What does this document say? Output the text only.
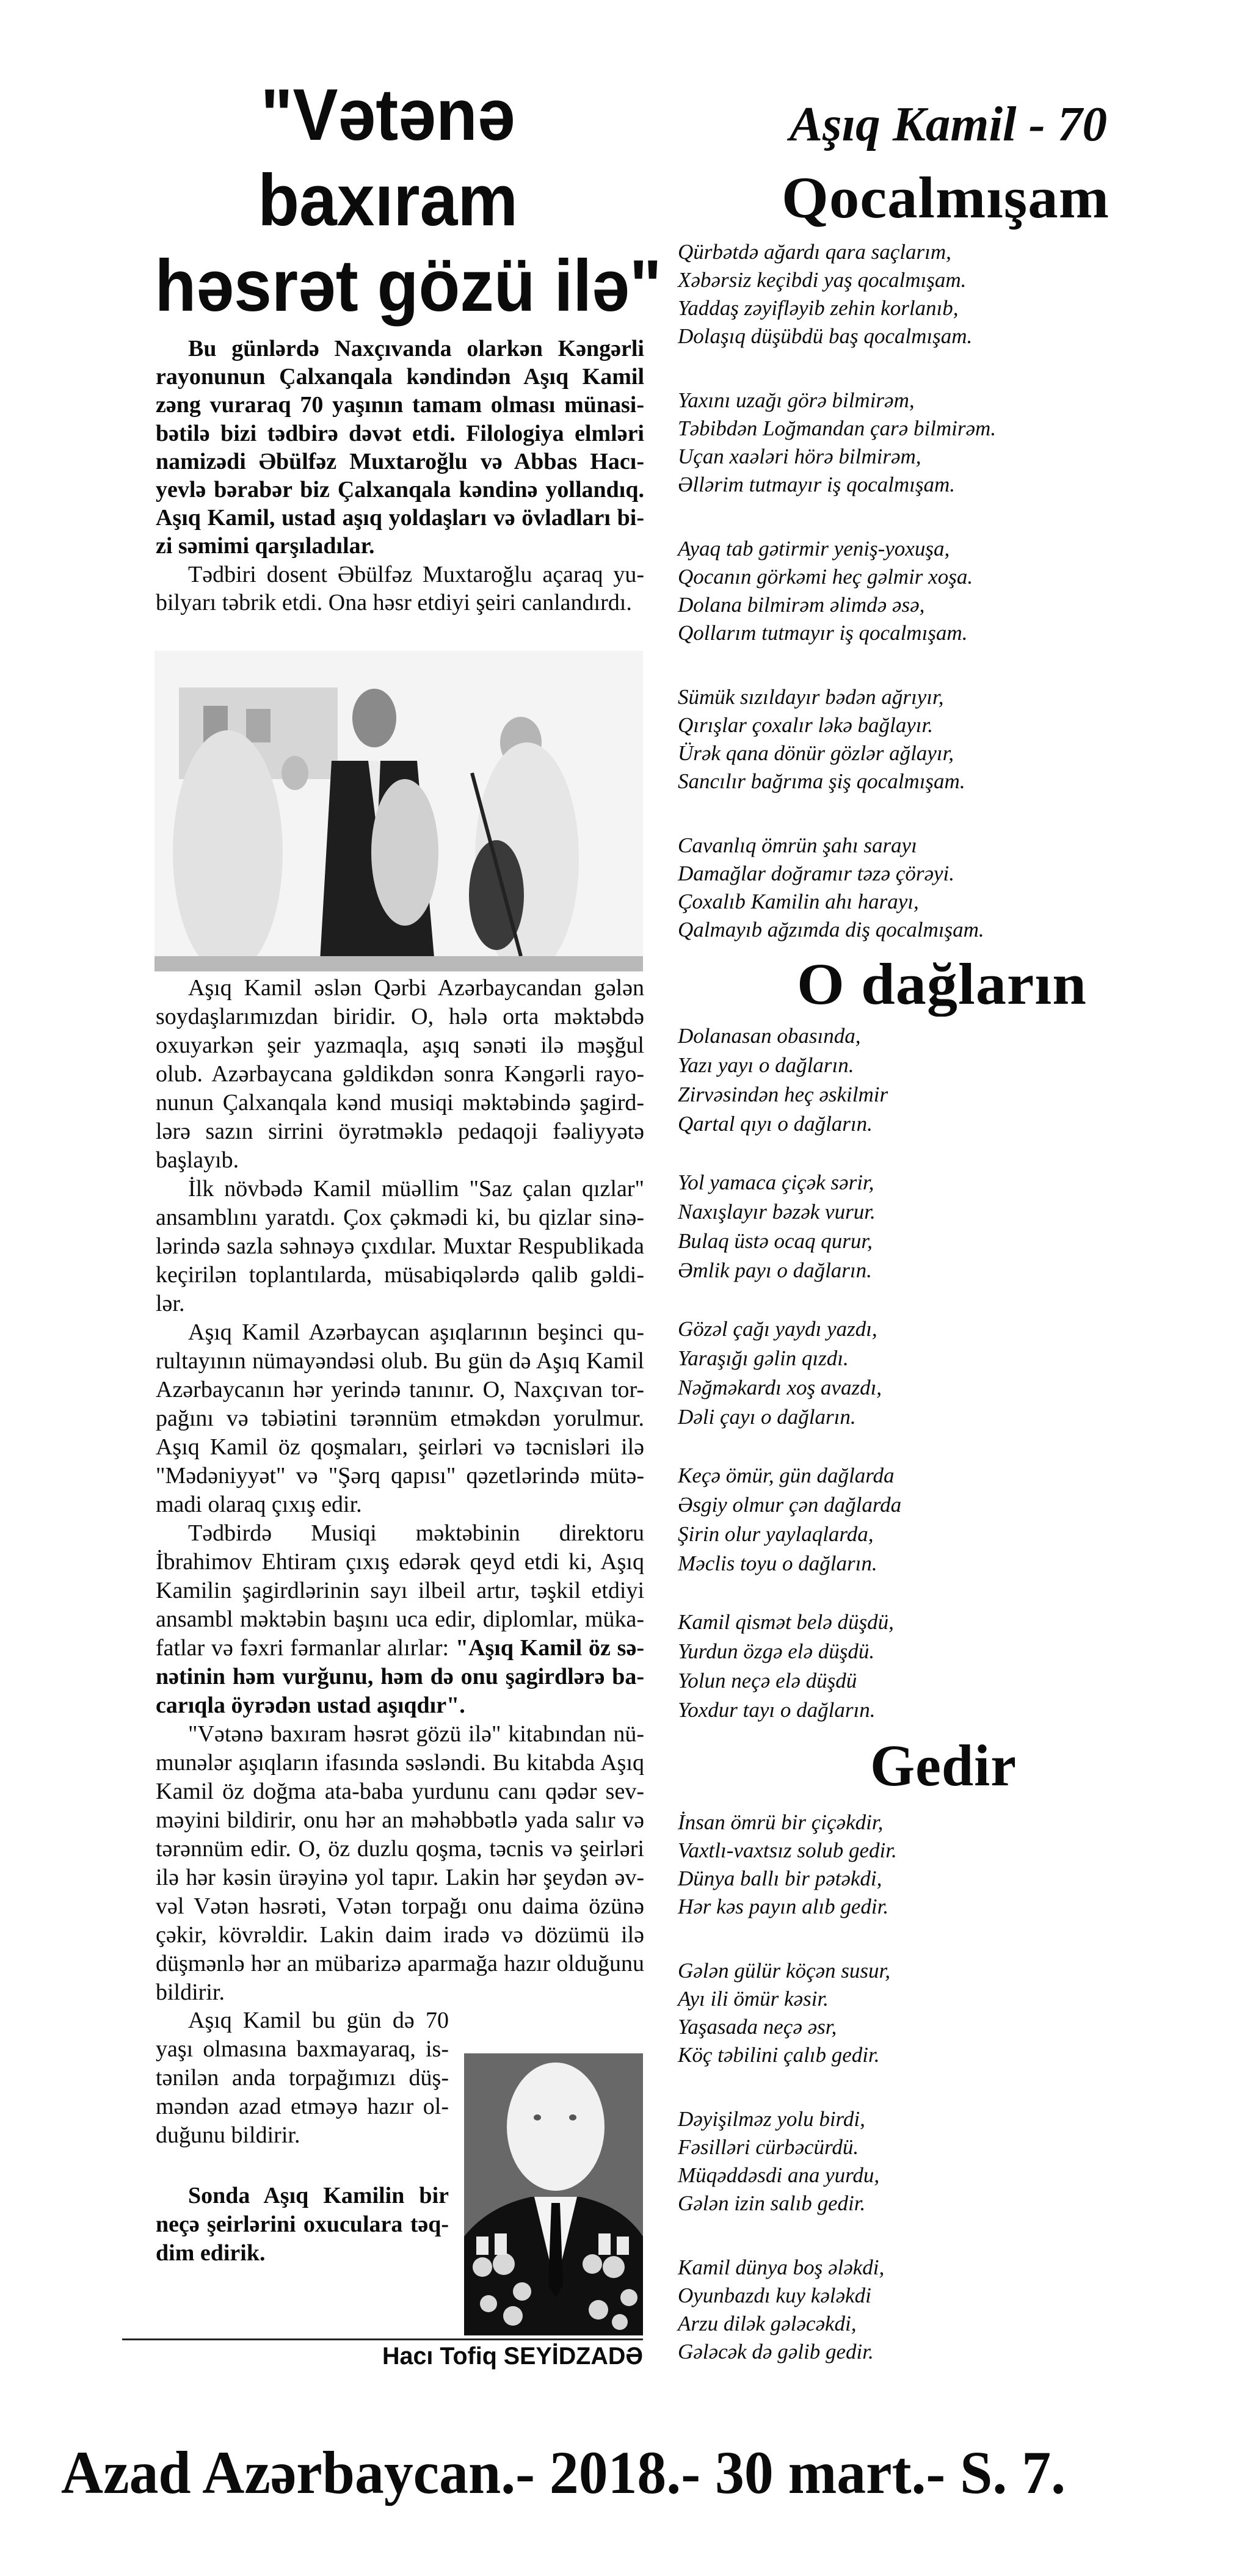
"Vətənə
baxıram
həsrət gözü ilə"
Bu günlərdə Naxçıvanda olarkən Kəngərli
rayonunun Çalxanqala kəndindən Aşıq Kamil
zəng vuraraq 70 yaşının tamam olması münasi-
bətilə bizi tədbirə dəvət etdi. Filologiya elmləri
namizədi Əbülfəz Muxtaroğlu və Abbas Hacı-
yevlə bərabər biz Çalxanqala kəndinə yollandıq.
Aşıq Kamil, ustad aşıq yoldaşları və övladları bi-
zi səmimi qarşıladılar.
Tədbiri dosent Əbülfəz Muxtaroğlu açaraq yu-
bilyarı təbrik etdi. Ona həsr etdiyi şeiri canlandırdı.
Aşıq Kamil əslən Qərbi Azərbaycandan gələn
soydaşlarımızdan biridir. O, hələ orta məktəbdə
oxuyarkən şeir yazmaqla, aşıq sənəti ilə məşğul
olub. Azərbaycana gəldikdən sonra Kəngərli rayo-
nunun Çalxanqala kənd musiqi məktəbində şagird-
lərə sazın sirrini öyrətməklə pedaqoji fəaliyyətə
başlayıb.
İlk növbədə Kamil müəllim "Saz çalan qızlar"
ansamblını yaratdı. Çox çəkmədi ki, bu qizlar sinə-
lərində sazla səhnəyə çıxdılar. Muxtar Respublikada
keçirilən toplantılarda, müsabiqələrdə qalib gəldi-
lər.
Aşıq Kamil Azərbaycan aşıqlarının beşinci qu-
rultayının nümayəndəsi olub. Bu gün də Aşıq Kamil
Azərbaycanın hər yerində tanınır. O, Naxçıvan tor-
pağını və təbiətini tərənnüm etməkdən yorulmur.
Aşıq Kamil öz qoşmaları, şeirləri və təcnisləri ilə
"Mədəniyyət" və "Şərq qapısı" qəzetlərində mütə-
madi olaraq çıxış edir.
Tədbirdə Musiqi məktəbinin direktoru
İbrahimov Ehtiram çıxış edərək qeyd etdi ki, Aşıq
Kamilin şagirdlərinin sayı ilbeil artır, təşkil etdiyi
ansambl məktəbin başını uca edir, diplomlar, müka-
fatlar və fəxri fərmanlar alırlar: "Aşıq Kamil öz sə-
nətinin həm vurğunu, həm də onu şagirdlərə ba-
carıqla öyrədən ustad aşıqdır".
"Vətənə baxıram həsrət gözü ilə" kitabından nü-
munələr aşıqların ifasında səsləndi. Bu kitabda Aşıq
Kamil öz doğma ata-baba yurdunu canı qədər sev-
məyini bildirir, onu hər an məhəbbətlə yada salır və
tərənnüm edir. O, öz duzlu qoşma, təcnis və şeirləri
ilə hər kəsin ürəyinə yol tapır. Lakin hər şeydən əv-
vəl Vətən həsrəti, Vətən torpağı onu daima özünə
çəkir, kövrəldir. Lakin daim iradə və dözümü ilə
düşmənlə hər an mübarizə aparmağa hazır olduğunu
bildirir.
Aşıq Kamil bu gün də 70
yaşı olmasına baxmayaraq, is-
tənilən anda torpağımızı düş-
məndən azad etməyə hazır ol-
duğunu bildirir.
Sonda Aşıq Kamilin bir
neçə şeirlərini oxuculara təq-
dim edirik.
Hacı Tofiq SEYİDZADƏ
Aşıq Kamil - 70
Qocalmışam
Qürbətdə ağardı qara saçlarım,
Xəbərsiz keçibdi yaş qocalmışam.
Yaddaş zəyifləyib zehin korlanıb,
Dolaşıq düşübdü baş qocalmışam.
Yaxını uzağı görə bilmirəm,
Təbibdən Loğmandan çarə bilmirəm.
Uçan xaələri hörə bilmirəm,
Əllərim tutmayır iş qocalmışam.
Ayaq tab gətirmir yeniş-yoxuşa,
Qocanın görkəmi heç gəlmir xoşa.
Dolana bilmirəm əlimdə əsə,
Qollarım tutmayır iş qocalmışam.
Sümük sızıldayır bədən ağrıyır,
Qırışlar çoxalır ləkə bağlayır.
Ürək qana dönür gözlər ağlayır,
Sancılır bağrıma şiş qocalmışam.
Cavanlıq ömrün şahı sarayı
Damağlar doğramır təzə çörəyi.
Çoxalıb Kamilin ahı harayı,
Qalmayıb ağzımda diş qocalmışam.
O dağların
Dolanasan obasında,
Yazı yayı o dağların.
Zirvəsindən heç əskilmir
Qartal qıyı o dağların.
Yol yamaca çiçək sərir,
Naxışlayır bəzək vurur.
Bulaq üstə ocaq qurur,
Əmlik payı o dağların.
Gözəl çağı yaydı yazdı,
Yaraşığı gəlin qızdı.
Nəğməkardı xoş avazdı,
Dəli çayı o dağların.
Keçə ömür, gün dağlarda
Əsgiy olmur çən dağlarda
Şirin olur yaylaqlarda,
Məclis toyu o dağların.
Kamil qismət belə düşdü,
Yurdun özgə elə düşdü.
Yolun neçə elə düşdü
Yoxdur tayı o dağların.
Gedir
İnsan ömrü bir çiçəkdir,
Vaxtlı-vaxtsız solub gedir.
Dünya ballı bir pətəkdi,
Hər kəs payın alıb gedir.
Gələn gülür köçən susur,
Ayı ili ömür kəsir.
Yaşasada neçə əsr,
Köç təbilini çalıb gedir.
Dəyişilməz yolu birdi,
Fəsilləri cürbəcürdü.
Müqəddəsdi ana yurdu,
Gələn izin salıb gedir.
Kamil dünya boş ələkdi,
Oyunbazdı kuy kələkdi
Arzu dilək gələcəkdi,
Gələcək də gəlib gedir.
Azad Azərbaycan.- 2018.- 30 mart.- S. 7.
